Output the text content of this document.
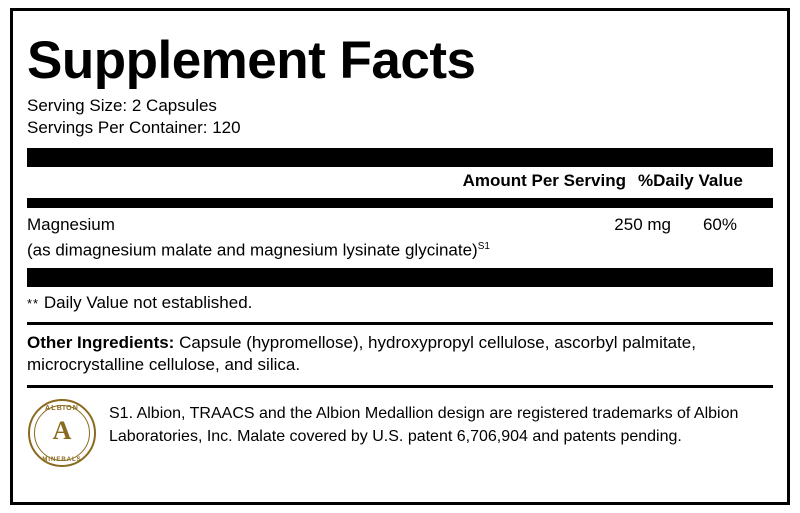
Supplement Facts
Serving Size: 2 Capsules
Servings Per Container: 120
Amount Per Serving %Daily Value
Magnesium	250 mg	60%
(as dimagnesium malate and magnesium lysinate glycinate)$^{S1}$
** Daily Value not established.
Other Ingredients: Capsule (hypromellose), hydroxypropyl cellulose, ascorbyl palmitate, microcrystalline cellulose, and silica.
ALBION
A
MINERALS
S1. Albion, TRAACS and the Albion Medallion design are registered trademarks of Albion Laboratories, Inc. Malate covered by U.S. patent 6,706,904 and patents pending.
